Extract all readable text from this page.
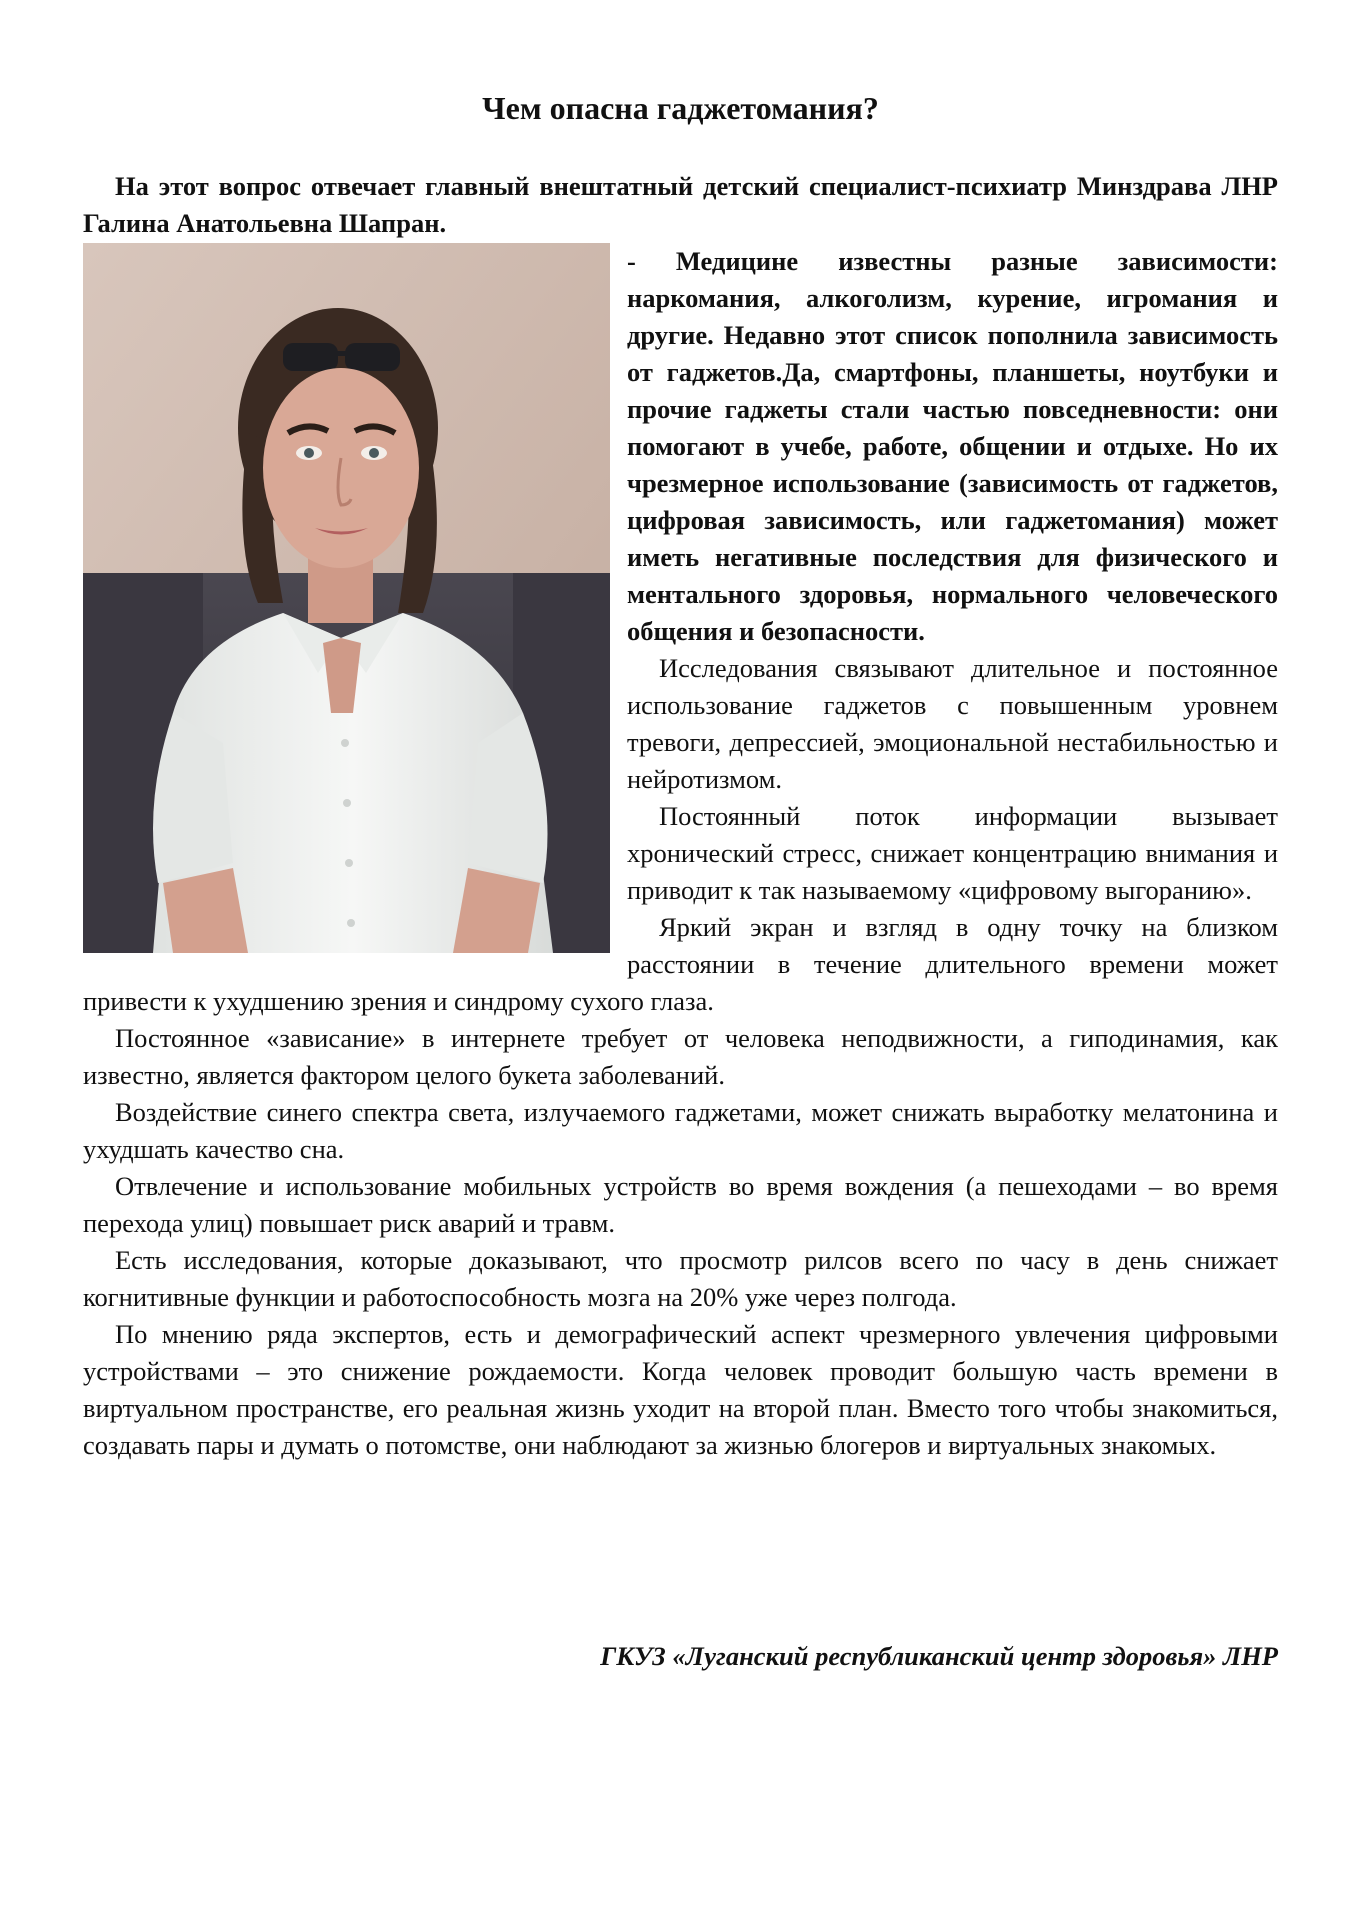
Чем опасна гаджетомания?

На этот вопрос отвечает главный внештатный детский специалист-психиатр Минздрава ЛНР Галина Анатольевна Шапран.

- Медицине известны разные зависимости: наркомания, алкоголизм, курение, игромания и другие. Недавно этот список пополнила зависимость от гаджетов.Да, смартфоны, планшеты, ноутбуки и прочие гаджеты стали частью повседневности: они помогают в учебе, работе, общении и отдыхе. Но их чрезмерное использование (зависимость от гаджетов, цифровая зависимость, или гаджетомания) может иметь негативные последствия для физического и ментального здоровья, нормального человеческого общения и безопасности.

Исследования связывают длительное и постоянное использование гаджетов с повышенным уровнем тревоги, депрессией, эмоциональной нестабильностью и нейротизмом.

Постоянный поток информации вызывает хронический стресс, снижает концентрацию внимания и приводит к так называемому «цифровому выгоранию».

Яркий экран и взгляд в одну точку на близком расстоянии в течение длительного времени может привести к ухудшению зрения и синдрому сухого глаза.

Постоянное «зависание» в интернете требует от человека неподвижности, а гиподинамия, как известно, является фактором целого букета заболеваний.

Воздействие синего спектра света, излучаемого гаджетами, может снижать выработку мелатонина и ухудшать качество сна.

Отвлечение и использование мобильных устройств во время вождения (а пешеходами – во время перехода улиц) повышает риск аварий и травм.

Есть исследования, которые доказывают, что просмотр рилсов всего по часу в день снижает когнитивные функции и работоспособность мозга на 20% уже через полгода.

По мнению ряда экспертов, есть и демографический аспект чрезмерного увлечения цифровыми устройствами – это снижение рождаемости. Когда человек проводит большую часть времени в виртуальном пространстве, его реальная жизнь уходит на второй план. Вместо того чтобы знакомиться, создавать пары и думать о потомстве, они наблюдают за жизнью блогеров и виртуальных знакомых.

ГКУЗ «Луганский республиканский центр здоровья» ЛНР
